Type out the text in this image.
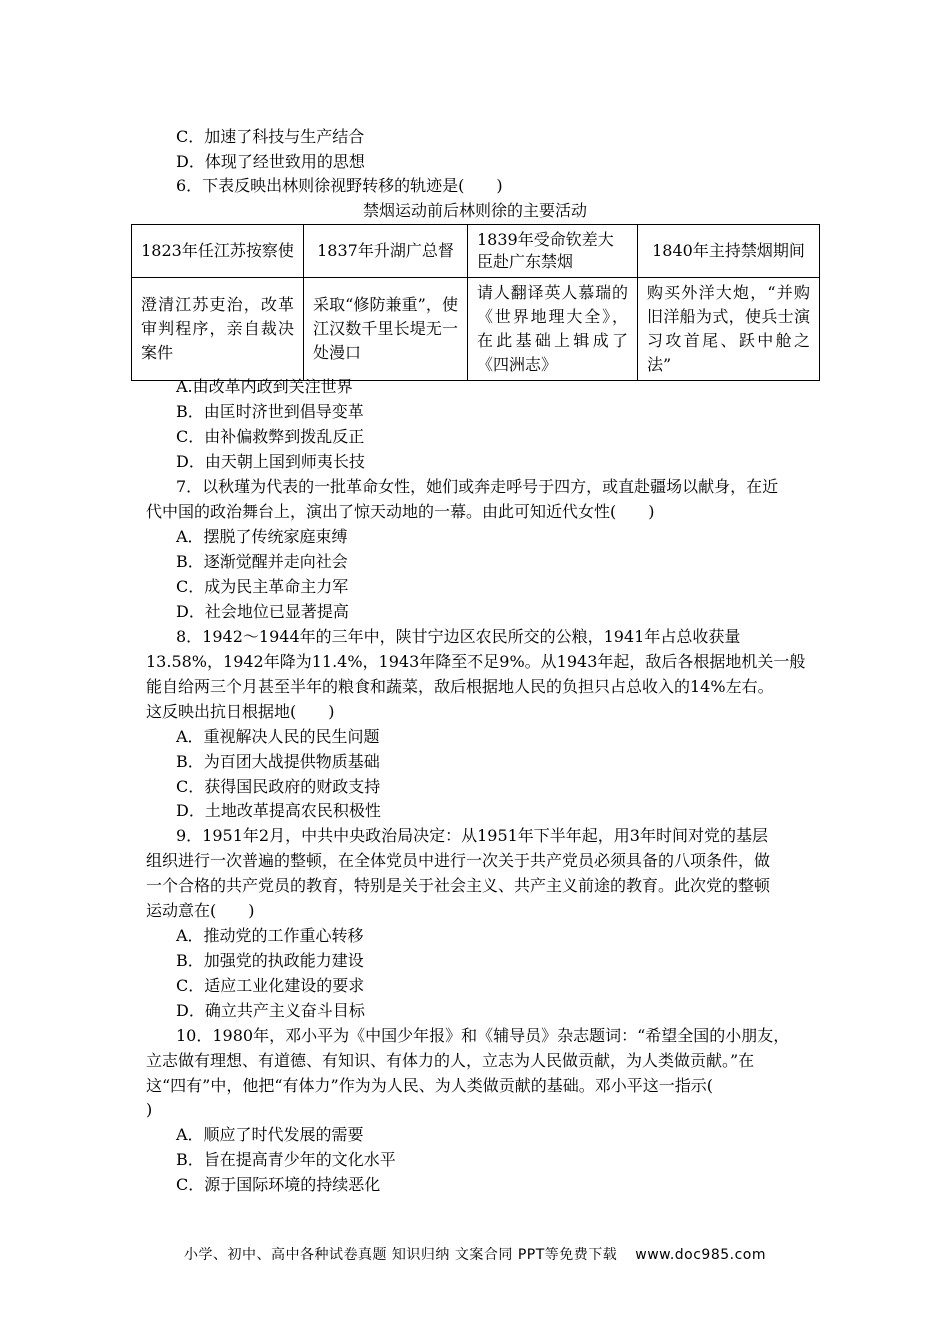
C．加速了科技与生产结合
D．体现了经世致用的思想
6．下表反映出林则徐视野转移的轨迹是(　　)
禁烟运动前后林则徐的主要活动
1823年任江苏按察使	1837年升湖广总督	1839年受命钦差大臣赴广东禁烟	1840年主持禁烟期间
澄清江苏吏治，改革审判程序，亲自裁决案件	采取“修防兼重”，使江汉数千里长堤无一处漫口	请人翻译英人慕瑞的《世界地理大全》，在此基础上辑成了《四洲志》	购买外洋大炮，“并购旧洋船为式，使兵士演习攻首尾、跃中舱之法”
A.由改革内政到关注世界
B．由匡时济世到倡导变革
C．由补偏救弊到拨乱反正
D．由天朝上国到师夷长技
7．以秋瑾为代表的一批革命女性，她们或奔走呼号于四方，或直赴疆场以献身，在近
代中国的政治舞台上，演出了惊天动地的一幕。由此可知近代女性(　　)
A．摆脱了传统家庭束缚
B．逐渐觉醒并走向社会
C．成为民主革命主力军
D．社会地位已显著提高
8．1942～1944年的三年中，陕甘宁边区农民所交的公粮，1941年占总收获量
13.58%，1942年降为11.4%，1943年降至不足9%。从1943年起，敌后各根据地机关一般
能自给两三个月甚至半年的粮食和蔬菜，敌后根据地人民的负担只占总收入的14%左右。
这反映出抗日根据地(　　)
A．重视解决人民的民生问题
B．为百团大战提供物质基础
C．获得国民政府的财政支持
D．土地改革提高农民积极性
9．1951年2月，中共中央政治局决定：从1951年下半年起，用3年时间对党的基层
组织进行一次普遍的整顿，在全体党员中进行一次关于共产党员必须具备的八项条件，做
一个合格的共产党员的教育，特别是关于社会主义、共产主义前途的教育。此次党的整顿
运动意在(　　)
A．推动党的工作重心转移
B．加强党的执政能力建设
C．适应工业化建设的要求
D．确立共产主义奋斗目标
10．1980年，邓小平为《中国少年报》和《辅导员》杂志题词：“希望全国的小朋友，
立志做有理想、有道德、有知识、有体力的人，立志为人民做贡献，为人类做贡献。”在
这“四有”中，他把“有体力”作为为人民、为人类做贡献的基础。邓小平这一指示(
)
A．顺应了时代发展的需要
B．旨在提高青少年的文化水平
C．源于国际环境的持续恶化
小学、初中、高中各种试卷真题 知识归纳 文案合同 PPT等免费下载 www.doc985.com
